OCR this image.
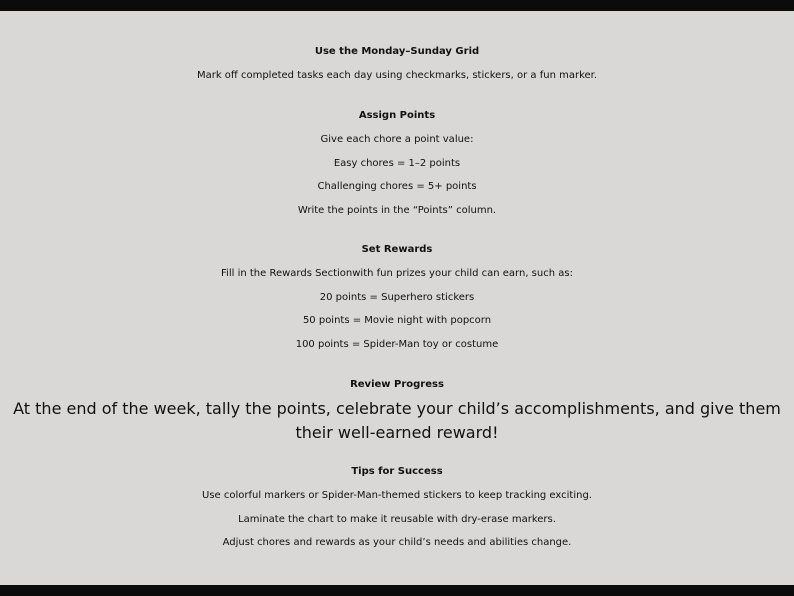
Use the Monday–Sunday Grid
Mark off completed tasks each day using checkmarks, stickers, or a fun marker.
Assign Points
Give each chore a point value:
Easy chores = 1–2 points
Challenging chores = 5+ points
Write the points in the “Points” column.
Set Rewards
Fill in the Rewards Sectionwith fun prizes your child can earn, such as:
20 points = Superhero stickers
50 points = Movie night with popcorn
100 points = Spider-Man toy or costume
Review Progress
At the end of the week, tally the points, celebrate your child’s accomplishments, and give them their well-earned reward!
Tips for Success
Use colorful markers or Spider-Man-themed stickers to keep tracking exciting.
Laminate the chart to make it reusable with dry-erase markers.
Adjust chores and rewards as your child’s needs and abilities change.
